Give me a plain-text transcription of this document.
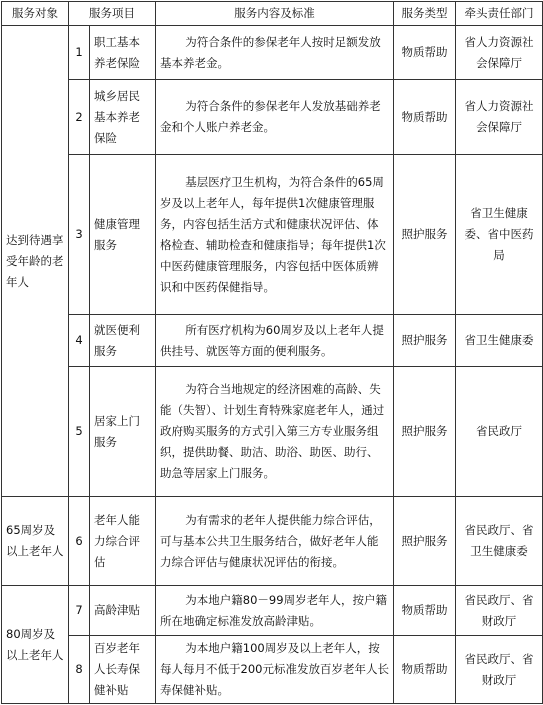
服务对象	服务项目		服务内容及标准	服务类型	牵头责任部门
达到待遇享受年龄的老年人	1	职工基本养老保险	为符合条件的参保老年人按时足额发放基本养老金。	物质帮助	省人力资源社会保障厅
	2	城乡居民基本养老保险	为符合条件的参保老年人发放基础养老金和个人账户养老金。	物质帮助	省人力资源社会保障厅
	3	健康管理服务	基层医疗卫生机构，为符合条件的65周岁及以上老年人，每年提供1次健康管理服务，内容包括生活方式和健康状况评估、体格检查、辅助检查和健康指导；每年提供1次中医药健康管理服务，内容包括中医体质辨识和中医药保健指导。	照护服务	省卫生健康委、省中医药局
	4	就医便利服务	所有医疗机构为60周岁及以上老年人提供挂号、就医等方面的便利服务。	照护服务	省卫生健康委
	5	居家上门服务	为符合当地规定的经济困难的高龄、失能（失智）、计划生育特殊家庭老年人，通过政府购买服务的方式引入第三方专业服务组织，提供助餐、助洁、助浴、助医、助行、助急等居家上门服务。	照护服务	省民政厅
65周岁及以上老年人	6	老年人能力综合评估	为有需求的老年人提供能力综合评估，可与基本公共卫生服务结合，做好老年人能力综合评估与健康状况评估的衔接。	照护服务	省民政厅、省卫生健康委
80周岁及以上老年人	7	高龄津贴	为本地户籍80－99周岁老年人，按户籍所在地确定标准发放高龄津贴。	物质帮助	省民政厅、省财政厅
	8	百岁老年人长寿保健补贴	为本地户籍100周岁及以上老年人，按每人每月不低于200元标准发放百岁老年人长寿保健补贴。	物质帮助	省民政厅、省财政厅
